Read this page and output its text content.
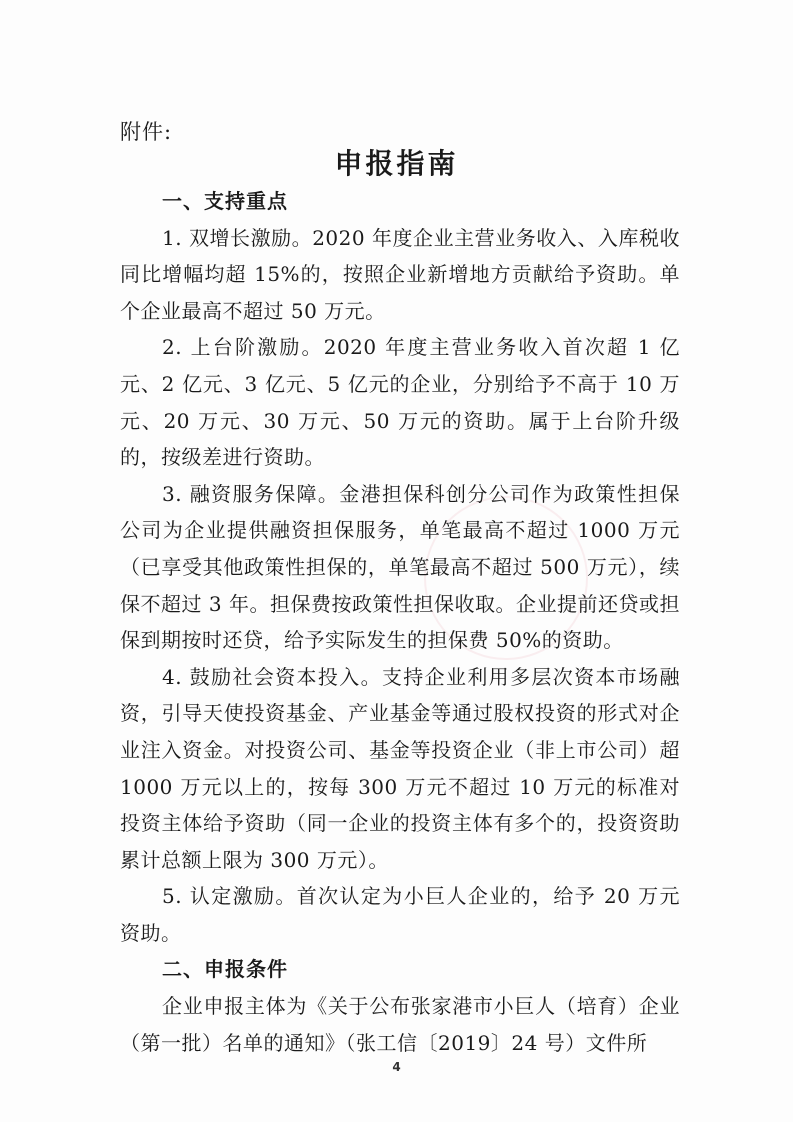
附件:
申报指南

一、支持重点

1. 双增长激励。2020 年度企业主营业务收入、入库税收同比增幅均超 15%的，按照企业新增地方贡献给予资助。单个企业最高不超过 50 万元。

2. 上台阶激励。2020 年度主营业务收入首次超 1 亿元、2 亿元、3 亿元、5 亿元的企业，分别给予不高于 10 万元、20 万元、30 万元、50 万元的资助。属于上台阶升级的，按级差进行资助。

3. 融资服务保障。金港担保科创分公司作为政策性担保公司为企业提供融资担保服务，单笔最高不超过 1000 万元（已享受其他政策性担保的，单笔最高不超过 500 万元），续保不超过 3 年。担保费按政策性担保收取。企业提前还贷或担保到期按时还贷，给予实际发生的担保费 50%的资助。

4. 鼓励社会资本投入。支持企业利用多层次资本市场融资，引导天使投资基金、产业基金等通过股权投资的形式对企业注入资金。对投资公司、基金等投资企业（非上市公司）超 1000 万元以上的，按每 300 万元不超过 10 万元的标准对投资主体给予资助（同一企业的投资主体有多个的，投资资助累计总额上限为 300 万元）。

5. 认定激励。首次认定为小巨人企业的，给予 20 万元资助。

二、申报条件

企业申报主体为《关于公布张家港市小巨人（培育）企业（第一批）名单的通知》（张工信〔2019〕24 号）文件所

4
